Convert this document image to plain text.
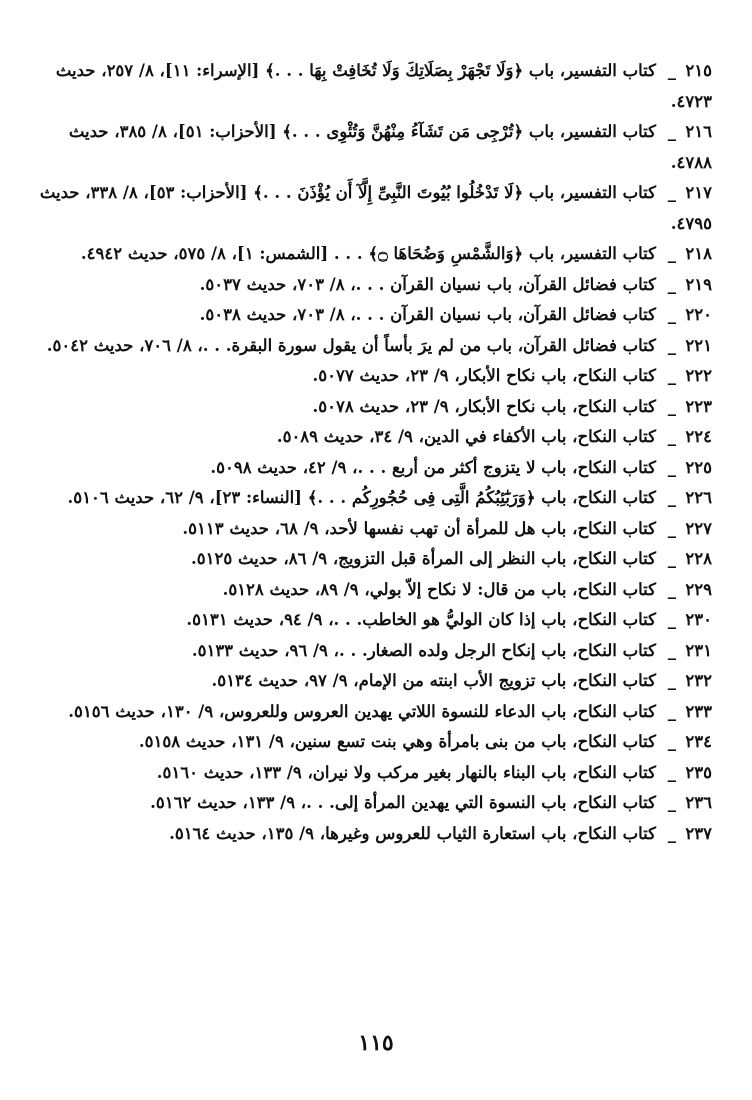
٢١٥_ كتاب التفسير، باب ﴿وَلَا تَجْهَرْ بِصَلَاتِكَ وَلَا تُخَافِتْ بِهَا . . .﴾ [الإسراء: ١١]، ٨/ ٢٥٧، حديث ٤٧٢٣.
٢١٦_ كتاب التفسير، باب ﴿تُرْجِى مَن تَشَآءُ مِنْهُنَّ وَتُئْوِى . . .﴾ [الأحزاب: ٥١]، ٨/ ٣٨٥، حديث ٤٧٨٨.
٢١٧_ كتاب التفسير، باب ﴿لَا تَدْخُلُوا بُيُوتَ النَّبِىِّ إِلَّآ أَن يُؤْذَنَ . . .﴾ [الأحزاب: ٥٣]، ٨/ ٣٣٨، حديث ٤٧٩٥.
٢١٨_ كتاب التفسير، باب ﴿وَالشَّمْسِ وَضُحَاهَا ۝﴾ . . . [الشمس: ١]، ٨/ ٥٧٥، حديث ٤٩٤٢.
٢١٩_ كتاب فضائل القرآن، باب نسيان القرآن . . .، ٨/ ٧٠٣، حديث ٥٠٣٧.
٢٢٠_ كتاب فضائل القرآن، باب نسيان القرآن . . .، ٨/ ٧٠٣، حديث ٥٠٣٨.
٢٢١_ كتاب فضائل القرآن، باب من لم يرَ بأساً أن يقول سورة البقرة. . .، ٨/ ٧٠٦، حديث ٥٠٤٢.
٢٢٢_ كتاب النكاح، باب نكاح الأبكار، ٩/ ٢٣، حديث ٥٠٧٧.
٢٢٣_ كتاب النكاح، باب نكاح الأبكار، ٩/ ٢٣، حديث ٥٠٧٨.
٢٢٤_ كتاب النكاح، باب الأكفاء في الدين، ٩/ ٣٤، حديث ٥٠٨٩.
٢٢٥_ كتاب النكاح، باب لا يتزوج أكثر من أربع . . .، ٩/ ٤٢، حديث ٥٠٩٨.
٢٢٦_ كتاب النكاح، باب ﴿وَرَبَٰٓئِبُكُمُ الَّتِى فِى حُجُورِكُم . . .﴾ [النساء: ٢٣]، ٩/ ٦٢، حديث ٥١٠٦.
٢٢٧_ كتاب النكاح، باب هل للمرأة أن تهب نفسها لأحد، ٩/ ٦٨، حديث ٥١١٣.
٢٢٨_ كتاب النكاح، باب النظر إلى المرأة قبل التزويج، ٩/ ٨٦، حديث ٥١٢٥.
٢٢٩_ كتاب النكاح، باب من قال: لا نكاح إلاّ بولي، ٩/ ٨٩، حديث ٥١٢٨.
٢٣٠_ كتاب النكاح، باب إذا كان الوليُّ هو الخاطب. . .، ٩/ ٩٤، حديث ٥١٣١.
٢٣١_ كتاب النكاح، باب إنكاح الرجل ولده الصغار. . .، ٩/ ٩٦، حديث ٥١٣٣.
٢٣٢_ كتاب النكاح، باب تزويج الأب ابنته من الإمام، ٩/ ٩٧، حديث ٥١٣٤.
٢٣٣_ كتاب النكاح، باب الدعاء للنسوة اللاتي يهدين العروس وللعروس، ٩/ ١٣٠، حديث ٥١٥٦.
٢٣٤_ كتاب النكاح، باب من بنى بامرأة وهي بنت تسع سنين، ٩/ ١٣١، حديث ٥١٥٨.
٢٣٥_ كتاب النكاح، باب البناء بالنهار بغير مركب ولا نيران، ٩/ ١٣٣، حديث ٥١٦٠.
٢٣٦_ كتاب النكاح، باب النسوة التي يهدين المرأة إلى. . .، ٩/ ١٣٣، حديث ٥١٦٢.
٢٣٧_ كتاب النكاح، باب استعارة الثياب للعروس وغيرها، ٩/ ١٣٥، حديث ٥١٦٤.
١١٥
